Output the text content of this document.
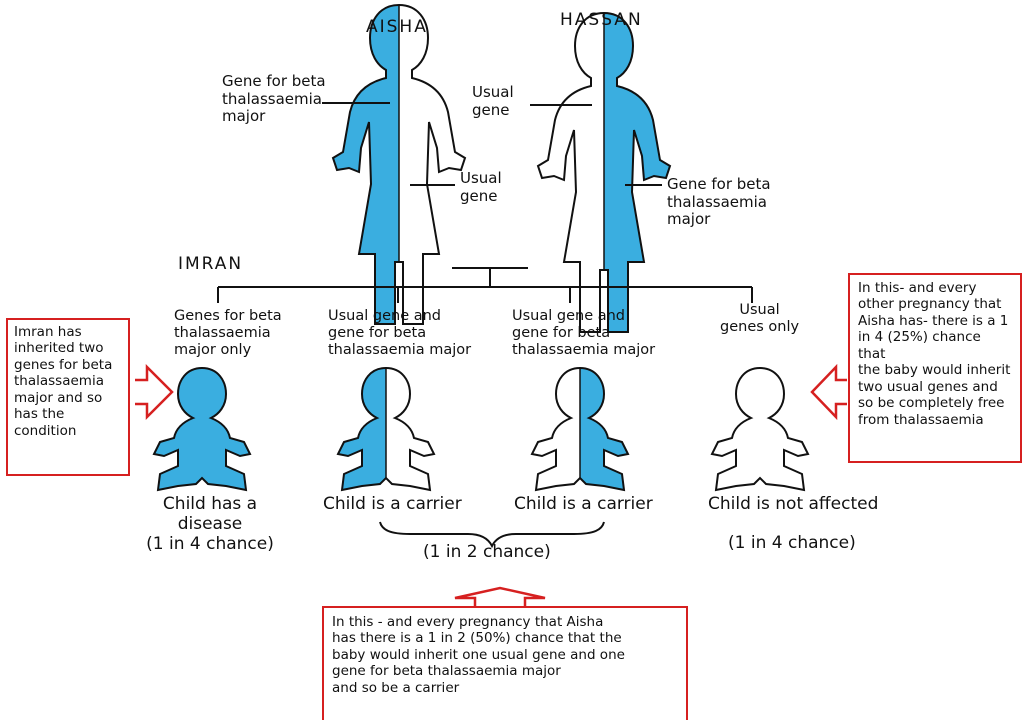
AISHA	HASSAN
Gene for beta
thalassaemia
major
Usual
gene
Usual
gene
Gene for beta
thalassaemia
major
IMRAN
Genes for beta
thalassaemia
major only
Usual gene and
gene for beta
thalassaemia major
Usual gene and
gene for beta
thalassaemia major
Usual
genes only
Child has a
disease
(1 in 4 chance)
Child is a carrier	Child is a carrier
(1 in 2 chance)
Child is not affected
(1 in 4 chance)
Imran has
inherited two
genes for beta
thalassaemia
major and so
has the
condition
In this- and every
other pregnancy that
Aisha has- there is a 1
in 4 (25%) chance that
the baby would inherit
two usual genes and
so be completely free
from thalassaemia
In this - and every pregnancy that Aisha
has there is a 1 in 2 (50%) chance that the
baby would inherit one usual gene and one
gene for beta thalassaemia major
and so be a carrier
